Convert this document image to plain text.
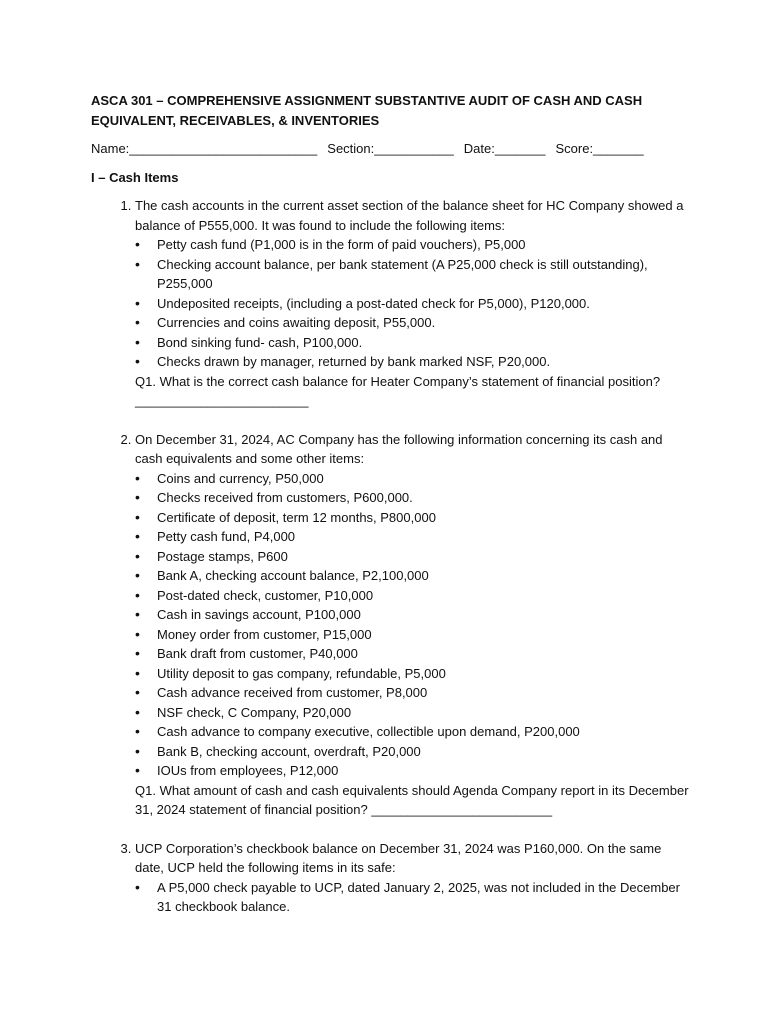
ASCA 301 – COMPREHENSIVE ASSIGNMENT SUBSTANTIVE AUDIT OF CASH AND CASH EQUIVALENT, RECEIVABLES, & INVENTORIES

Name:__________________________ Section:___________ Date:_______ Score:_______
I – Cash Items

1. The cash accounts in the current asset section of the balance sheet for HC Company showed a balance of P555,000. It was found to include the following items:

• Petty cash fund (P1,000 is in the form of paid vouchers), P5,000
• Checking account balance, per bank statement (A P25,000 check is still outstanding), P255,000
• Undeposited receipts, (including a post-dated check for P5,000), P120,000.
• Currencies and coins awaiting deposit, P55,000.
• Bond sinking fund- cash, P100,000.
• Checks drawn by manager, returned by bank marked NSF, P20,000.

Q1. What is the correct cash balance for Heater Company’s statement of financial position?

________________________

2. On December 31, 2024, AC Company has the following information concerning its cash and cash equivalents and some other items:

• Coins and currency, P50,000
• Checks received from customers, P600,000.
• Certificate of deposit, term 12 months, P800,000
• Petty cash fund, P4,000
• Postage stamps, P600
• Bank A, checking account balance, P2,100,000
• Post-dated check, customer, P10,000
• Cash in savings account, P100,000
• Money order from customer, P15,000
• Bank draft from customer, P40,000
• Utility deposit to gas company, refundable, P5,000
• Cash advance received from customer, P8,000
• NSF check, C Company, P20,000
• Cash advance to company executive, collectible upon demand, P200,000
• Bank B, checking account, overdraft, P20,000
• IOUs from employees, P12,000

Q1. What amount of cash and cash equivalents should Agenda Company report in its December 31, 2024 statement of financial position? _________________________

3. UCP Corporation’s checkbook balance on December 31, 2024 was P160,000. On the same date, UCP held the following items in its safe:

• A P5,000 check payable to UCP, dated January 2, 2025, was not included in the December 31 checkbook balance.
